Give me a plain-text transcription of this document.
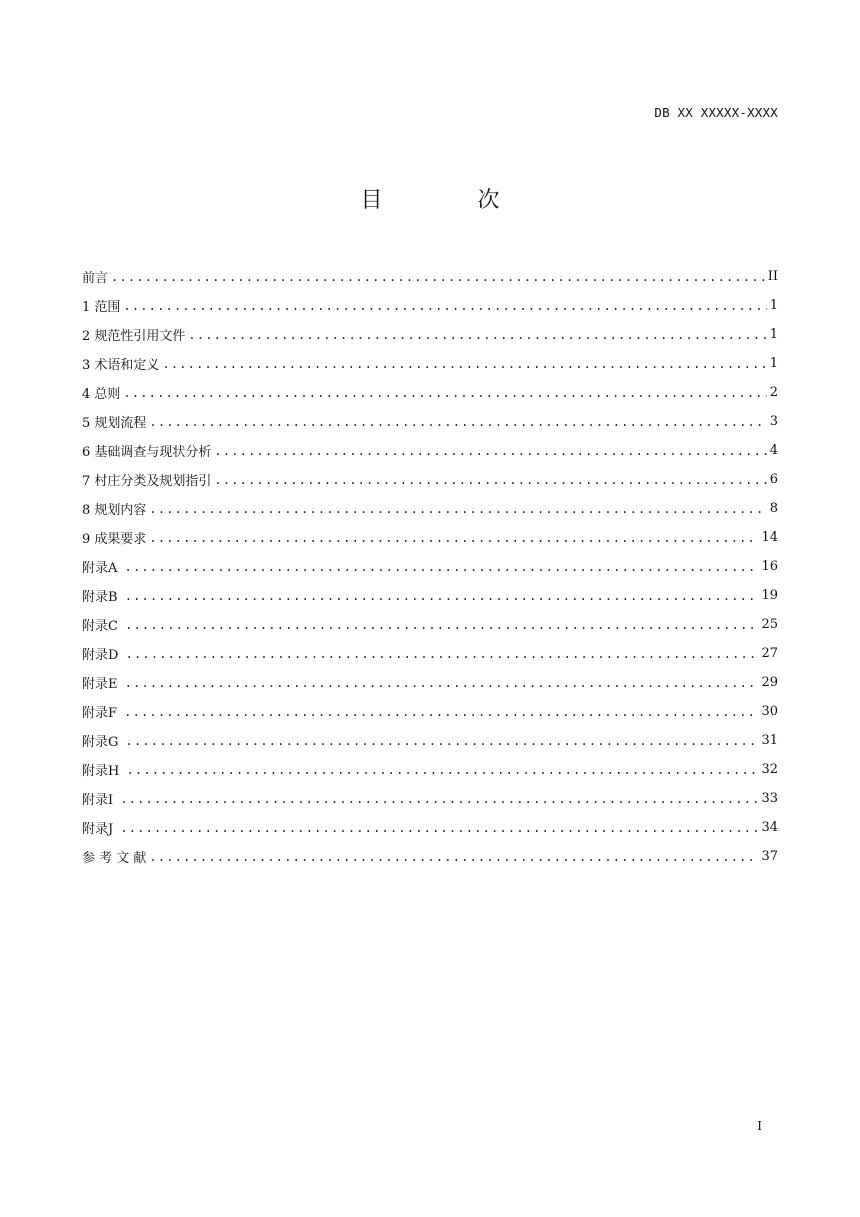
DB XX XXXXX-XXXX
目 次
前言 .....	II
1 范围 .....	1
2 规范性引用文件 .....	1
3 术语和定义 .....	1
4 总则 .....	2
5 规划流程 .....	3
6 基础调查与现状分析 .....	4
7 村庄分类及规划指引 .....	6
8 规划内容 .....	8
9 成果要求 .....	14
附录A .....	16
附录B .....	19
附录C .....	25
附录D .....	27
附录E .....	29
附录F .....	30
附录G .....	31
附录H .....	32
附录I .....	33
附录J .....	34
参 考 文 献 .....	37
I
